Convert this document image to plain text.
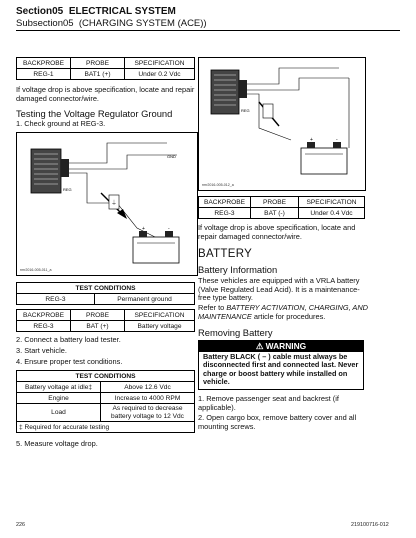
Section05 ELECTRICAL SYSTEM
Subsection05 (CHARGING SYSTEM (ACE))
BACKPROBE	PROBE	SPECIFICATION
REG-1	BAT1 (+)	Under 0.2 Vdc
If voltage drop is above specification, locate and repair damaged connector/wire.
Testing the Voltage Regulator Ground
1. Check ground at REG-3.
REG
⏚
+	-
GND
rmr2016-005-011_a
TEST CONDITIONS
REG-3	Permanent ground
BACKPROBE	PROBE	SPECIFICATION
REG-3	BAT (+)	Battery voltage
2. Connect a battery load tester.
3. Start vehicle.
4. Ensure proper test conditions.
TEST CONDITIONS	
Battery voltage at idle‡	Above 12.6 Vdc
Engine	Increase to 4000 RPM
Load	As required to decrease battery voltage to 12 Vdc
‡ Required for accurate testing	
5. Measure voltage drop.
REG
+	-
rmr2016-005-012_a
BACKPROBE	PROBE	SPECIFICATION
REG-3	BAT (-)	Under 0.4 Vdc
If voltage drop is above specification, locate and repair damaged connector/wire.
BATTERY
Battery Information
These vehicles are equipped with a VRLA battery (Valve Regulated Lead Acid). It is a maintenance-free type battery.
Refer to BATTERY ACTIVATION, CHARGING, AND MAINTENANCE article for procedures.
Removing Battery
⚠ WARNING
Battery BLACK ( – ) cable must always be disconnected first and connected last. Never charge or boost battery while installed on vehicle.
1. Remove passenger seat and backrest (if applicable).
2. Open cargo box, remove battery cover and all mounting screws.
226	219100716-012
